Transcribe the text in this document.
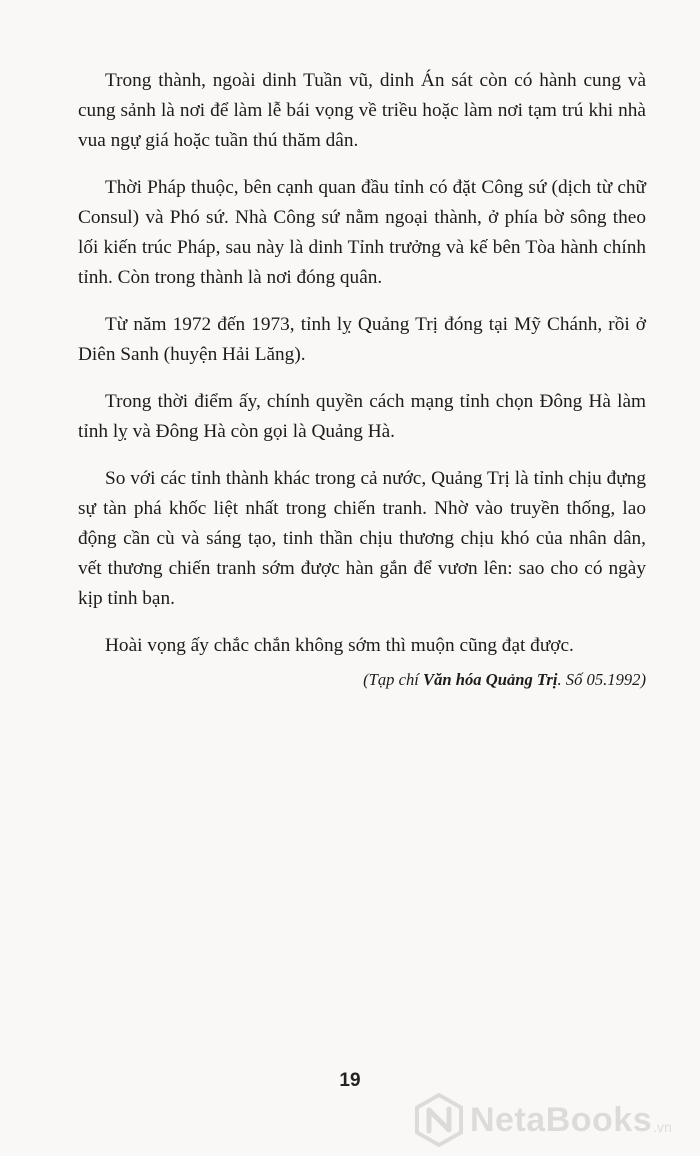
Trong thành, ngoài dinh Tuần vũ, dinh Án sát còn có hành cung và cung sảnh là nơi để làm lễ bái vọng về triều hoặc làm nơi tạm trú khi nhà vua ngự giá hoặc tuần thú thăm dân.

Thời Pháp thuộc, bên cạnh quan đầu tỉnh có đặt Công sứ (dịch từ chữ Consul) và Phó sứ. Nhà Công sứ nằm ngoại thành, ở phía bờ sông theo lối kiến trúc Pháp, sau này là dinh Tỉnh trưởng và kế bên Tòa hành chính tỉnh. Còn trong thành là nơi đóng quân.

Từ năm 1972 đến 1973, tỉnh lỵ Quảng Trị đóng tại Mỹ Chánh, rồi ở Diên Sanh (huyện Hải Lăng).

Trong thời điểm ấy, chính quyền cách mạng tỉnh chọn Đông Hà làm tỉnh lỵ và Đông Hà còn gọi là Quảng Hà.

So với các tỉnh thành khác trong cả nước, Quảng Trị là tỉnh chịu đựng sự tàn phá khốc liệt nhất trong chiến tranh. Nhờ vào truyền thống, lao động cần cù và sáng tạo, tinh thần chịu thương chịu khó của nhân dân, vết thương chiến tranh sớm được hàn gắn để vươn lên: sao cho có ngày kịp tỉnh bạn.

Hoài vọng ấy chắc chắn không sớm thì muộn cũng đạt được.

(Tạp chí Văn hóa Quảng Trị. Số 05.1992)
19
NetaBooks .vn
